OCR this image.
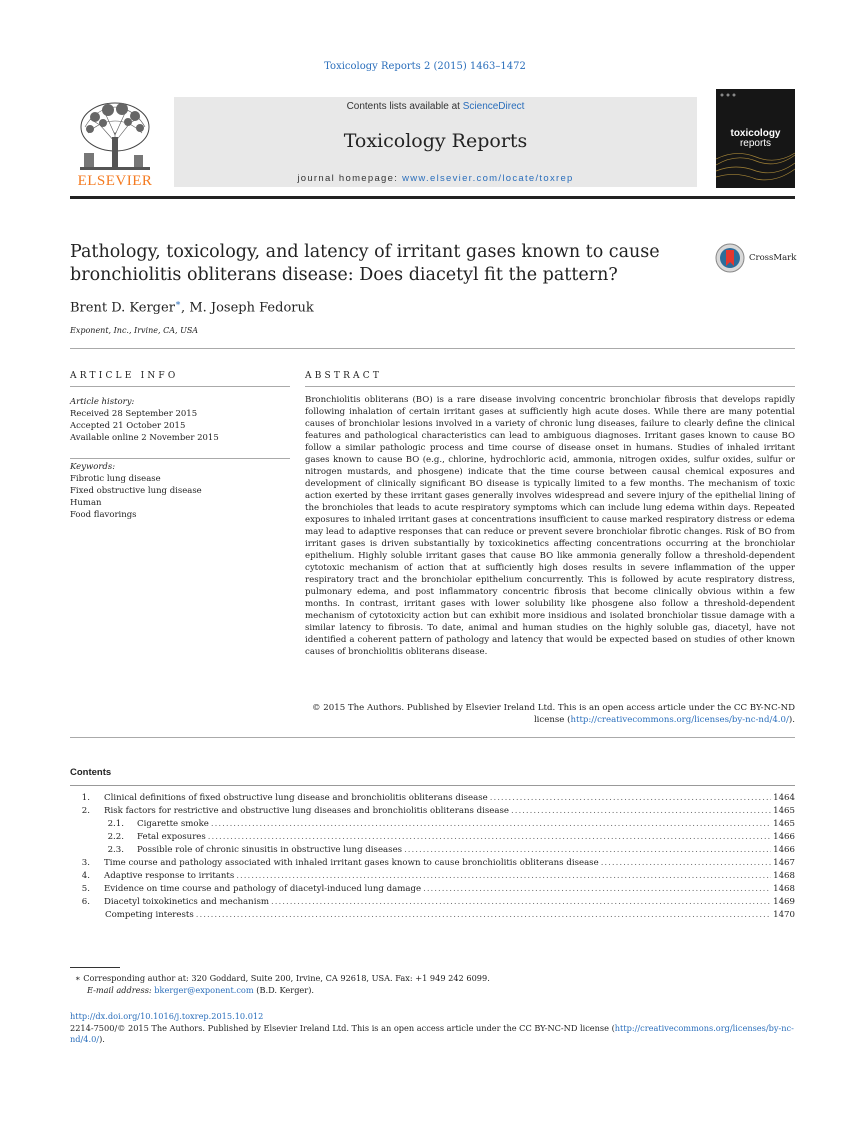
Toxicology Reports 2 (2015) 1463–1472
ELSEVIER
Contents lists available at ScienceDirect
Toxicology Reports
journal homepage: www.elsevier.com/locate/toxrep
toxicology
reports
Pathology, toxicology, and latency of irritant gases known to cause bronchiolitis obliterans disease: Does diacetyl fit the pattern?
CrossMark
Brent D. Kerger∗, M. Joseph Fedoruk
Exponent, Inc., Irvine, CA, USA
ARTICLE INFO
Article history:
Received 28 September 2015
Accepted 21 October 2015
Available online 2 November 2015
Keywords:
Fibrotic lung disease
Fixed obstructive lung disease
Human
Food flavorings
ABSTRACT
Bronchiolitis obliterans (BO) is a rare disease involving concentric bronchiolar fibrosis that develops rapidly following inhalation of certain irritant gases at sufficiently high acute doses. While there are many potential causes of bronchiolar lesions involved in a variety of chronic lung diseases, failure to clearly define the clinical features and pathological characteristics can lead to ambiguous diagnoses. Irritant gases known to cause BO follow a similar pathologic process and time course of disease onset in humans. Studies of inhaled irritant gases known to cause BO (e.g., chlorine, hydrochloric acid, ammonia, nitrogen oxides, sulfur oxides, sulfur or nitrogen mustards, and phosgene) indicate that the time course between causal chemical exposures and development of clinically significant BO disease is typically limited to a few months. The mechanism of toxic action exerted by these irritant gases generally involves widespread and severe injury of the epithelial lining of the bronchioles that leads to acute respiratory symptoms which can include lung edema within days. Repeated exposures to inhaled irritant gases at concentrations insufficient to cause marked respiratory distress or edema may lead to adaptive responses that can reduce or prevent severe bronchiolar fibrotic changes. Risk of BO from irritant gases is driven substantially by toxicokinetics affecting concentrations occurring at the bronchiolar epithelium. Highly soluble irritant gases that cause BO like ammonia generally follow a threshold-dependent cytotoxic mechanism of action that at sufficiently high doses results in severe inflammation of the upper respiratory tract and the bronchiolar epithelium concurrently. This is followed by acute respiratory distress, pulmonary edema, and post inflammatory concentric fibrosis that become clinically obvious within a few months. In contrast, irritant gases with lower solubility like phosgene also follow a threshold-dependent mechanism of cytotoxicity action but can exhibit more insidious and isolated bronchiolar tissue damage with a similar latency to fibrosis. To date, animal and human studies on the highly soluble gas, diacetyl, have not identified a coherent pattern of pathology and latency that would be expected based on studies of other known causes of bronchiolitis obliterans disease.
© 2015 The Authors. Published by Elsevier Ireland Ltd. This is an open access article under the CC BY-NC-ND license (http://creativecommons.org/licenses/by-nc-nd/4.0/).
Contents
1.	Clinical definitions of fixed obstructive lung disease and bronchiolitis obliterans disease .....	1464
2.	Risk factors for restrictive and obstructive lung diseases and bronchiolitis obliterans disease .....	1465
2.1.	Cigarette smoke .....	1465
2.2.	Fetal exposures .....	1466
2.3.	Possible role of chronic sinusitis in obstructive lung diseases .....	1466
3.	Time course and pathology associated with inhaled irritant gases known to cause bronchiolitis obliterans disease .....	1467
4.	Adaptive response to irritants .....	1468
5.	Evidence on time course and pathology of diacetyl-induced lung damage .....	1468
6.	Diacetyl toixokinetics and mechanism .....	1469
Competing interests .....	1470
∗ Corresponding author at: 320 Goddard, Suite 200, Irvine, CA 92618, USA. Fax: +1 949 242 6099.
E-mail address: bkerger@exponent.com (B.D. Kerger).
http://dx.doi.org/10.1016/j.toxrep.2015.10.012
2214-7500/© 2015 The Authors. Published by Elsevier Ireland Ltd. This is an open access article under the CC BY-NC-ND license (http://creativecommons.org/licenses/by-nc-nd/4.0/).
